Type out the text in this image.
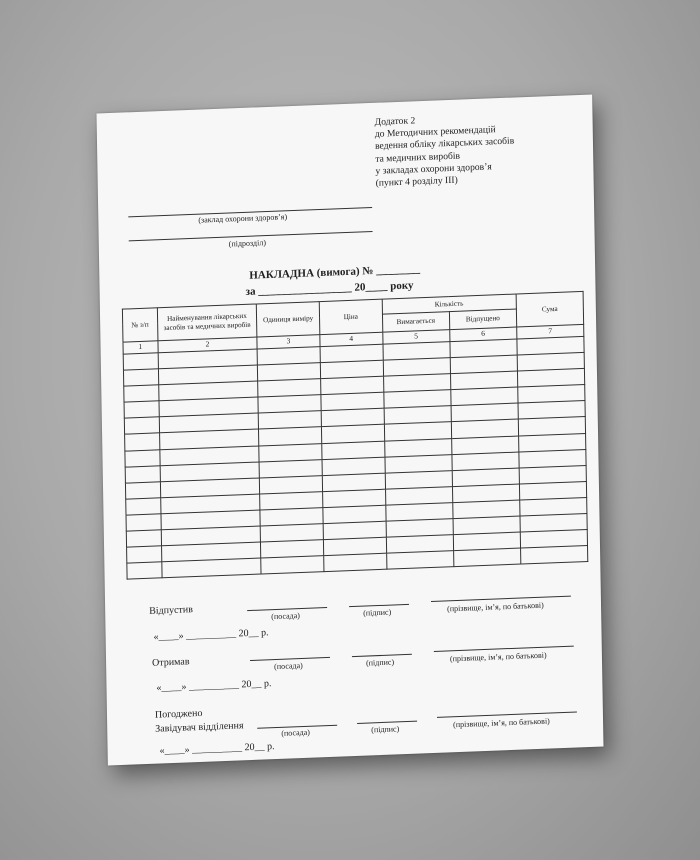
Додаток 2
до Методичних рекомендацій
ведення обліку лікарських засобів
та медичних виробів
у закладах охорони здоров’я
(пункт 4 розділу ІІІ)
(заклад охорони здоров’я)
(підрозділ)
НАКЛАДНА (вимога) № ________
за _________________ 20____ року
№ з/п	Найменування лікарських засобів та медичних виробів	Одиниця виміру	Ціна	Кількість		Сума
				Вимагається	Відпущено	
1	2	3	4	5	6	7

Відпустив	(посада)	(підпис)	(прізвище, ім’я, по батькові)
«____» __________ 20__ р.
Отримав	(посада)	(підпис)	(прізвище, ім’я, по батькові)
«____» __________ 20__ р.
Погоджено
Завідувач відділення	(посада)	(підпис)
(прізвище, ім’я, по батькові)
«____» __________ 20__ р.
